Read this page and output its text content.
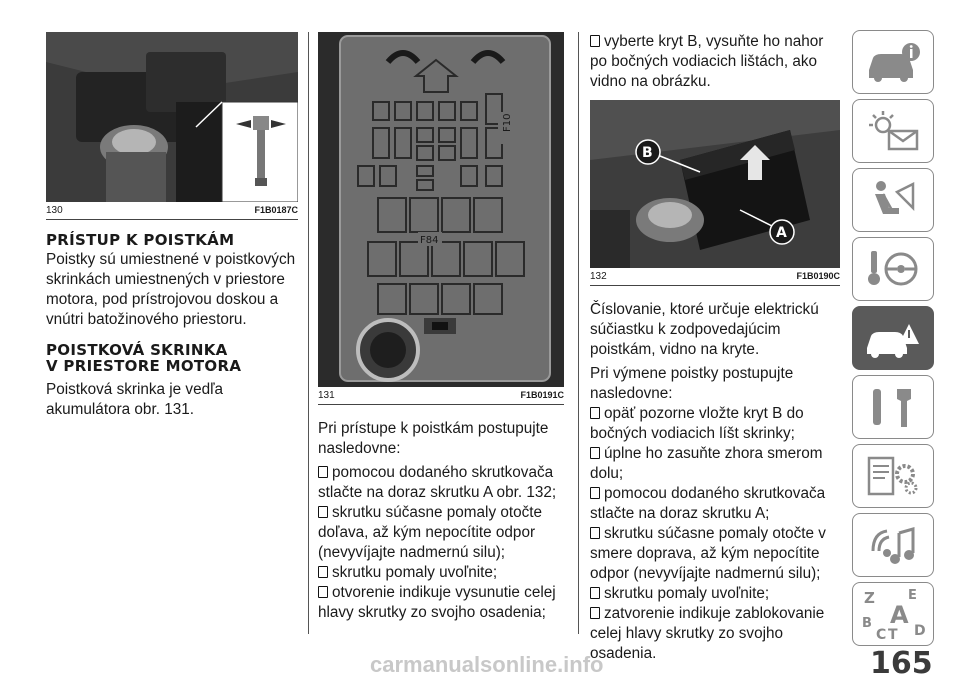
130	F1B0187C
PRÍSTUP K POISTKÁM

Poistky sú umiestnené v poistkových skrinkách umiestnených v priestore motora, pod prístrojovou doskou a vnútri batožinového priestoru.

POISTKOVÁ SKRINKA
V PRIESTORE MOTORA

Poistková skrinka je vedľa akumulátora obr. 131.

F10
F84
131	F1B0191C

Pri prístupe k poistkám postupujte nasledovne:

pomocou dodaného skrutkovača stlačte na doraz skrutku A obr. 132;
skrutku súčasne pomaly otočte doľava, až kým nepocítite odpor (nevyvíjajte nadmernú silu);
skrutku pomaly uvoľnite;
otvorenie indikuje vysunutie celej hlavy skrutky zo svojho osadenia;
vyberte kryt B, vysuňte ho nahor po bočných vodiacich lištách, ako vidno na obrázku.
B
A
132	F1B0190C

Číslovanie, ktoré určuje elektrickú súčiastku k zodpovedajúcim poistkám, vidno na kryte.

Pri výmene poistky postupujte nasledovne:

opäť pozorne vložte kryt B do bočných vodiacich líšt skrinky;
úplne ho zasuňte zhora smerom dolu;
pomocou dodaného skrutkovača stlačte na doraz skrutku A;
skrutku súčasne pomaly otočte v smere doprava, až kým nepocítite odpor (nevyvíjajte nadmernú silu);
skrutku pomaly uvoľnite;
zatvorenie indikuje zablokovanie celej hlavy skrutky zo svojho osadenia.
Z	E
B A
C T D
165
carmanualsonline.info
